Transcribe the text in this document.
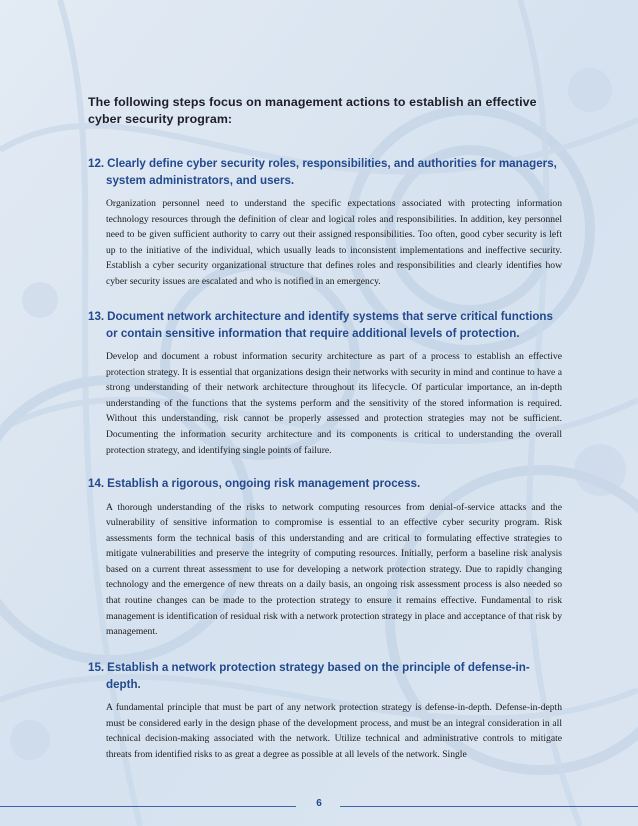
The following steps focus on management actions to establish an effective cyber security program:

12. Clearly define cyber security roles, responsibilities, and authorities for managers, system administrators, and users.

Organization personnel need to understand the specific expectations associated with protecting information technology resources through the definition of clear and logical roles and responsibilities. In addition, key personnel need to be given sufficient authority to carry out their assigned responsibilities. Too often, good cyber security is left up to the initiative of the individual, which usually leads to inconsistent implementations and ineffective security. Establish a cyber security organizational structure that defines roles and responsibilities and clearly identifies how cyber security issues are escalated and who is notified in an emergency.

13. Document network architecture and identify systems that serve critical functions or contain sensitive information that require additional levels of protection.

Develop and document a robust information security architecture as part of a process to establish an effective protection strategy. It is essential that organizations design their networks with security in mind and continue to have a strong understanding of their network architecture throughout its lifecycle. Of particular importance, an in-depth understanding of the functions that the systems perform and the sensitivity of the stored information is required. Without this understanding, risk cannot be properly assessed and protection strategies may not be sufficient. Documenting the information security architecture and its components is critical to understanding the overall protection strategy, and identifying single points of failure.

14. Establish a rigorous, ongoing risk management process.

A thorough understanding of the risks to network computing resources from denial-of-service attacks and the vulnerability of sensitive information to compromise is essential to an effective cyber security program. Risk assessments form the technical basis of this understanding and are critical to formulating effective strategies to mitigate vulnerabilities and preserve the integrity of computing resources. Initially, perform a baseline risk analysis based on a current threat assessment to use for developing a network protection strategy. Due to rapidly changing technology and the emergence of new threats on a daily basis, an ongoing risk assessment process is also needed so that routine changes can be made to the protection strategy to ensure it remains effective. Fundamental to risk management is identification of residual risk with a network protection strategy in place and acceptance of that risk by management.

15. Establish a network protection strategy based on the principle of defense-in-depth.

A fundamental principle that must be part of any network protection strategy is defense-in-depth. Defense-in-depth must be considered early in the design phase of the development process, and must be an integral consideration in all technical decision-making associated with the network. Utilize technical and administrative controls to mitigate threats from identified risks to as great a degree as possible at all levels of the network. Single
6
